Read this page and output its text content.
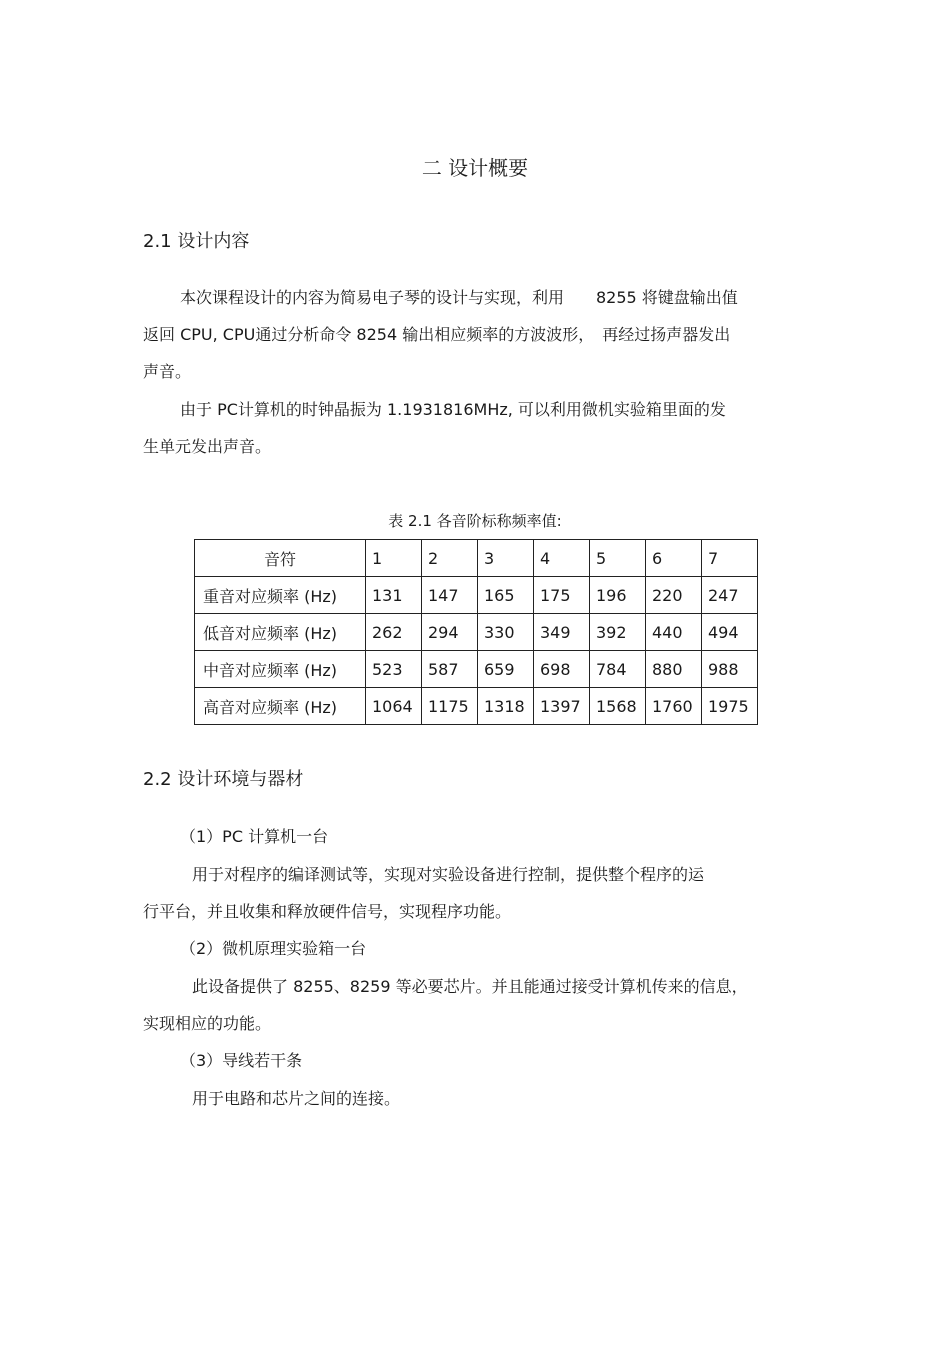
二 设计概要
2.1 设计内容
本次课程设计的内容为简易电子琴的设计与实现，利用　　8255 将键盘输出值
返回 CPU, CPU通过分析命令 8254 输出相应频率的方波波形，　再经过扬声器发出
声音。
由于 PC计算机的时钟晶振为 1.1931816MHz, 可以利用微机实验箱里面的发
生单元发出声音。
表 2.1 各音阶标称频率值:
音符	1	2	3	4	5	6	7
重音对应频率 (Hz)	131	147	165	175	196	220	247
低音对应频率 (Hz)	262	294	330	349	392	440	494
中音对应频率 (Hz)	523	587	659	698	784	880	988
高音对应频率 (Hz)	1064	1175	1318	1397	1568	1760	1975
2.2 设计环境与器材
（1）PC 计算机一台
用于对程序的编译测试等，实现对实验设备进行控制，提供整个程序的运
行平台，并且收集和释放硬件信号，实现程序功能。
（2）微机原理实验箱一台
此设备提供了 8255、8259 等必要芯片。并且能通过接受计算机传来的信息，
实现相应的功能。
（3）导线若干条
用于电路和芯片之间的连接。
